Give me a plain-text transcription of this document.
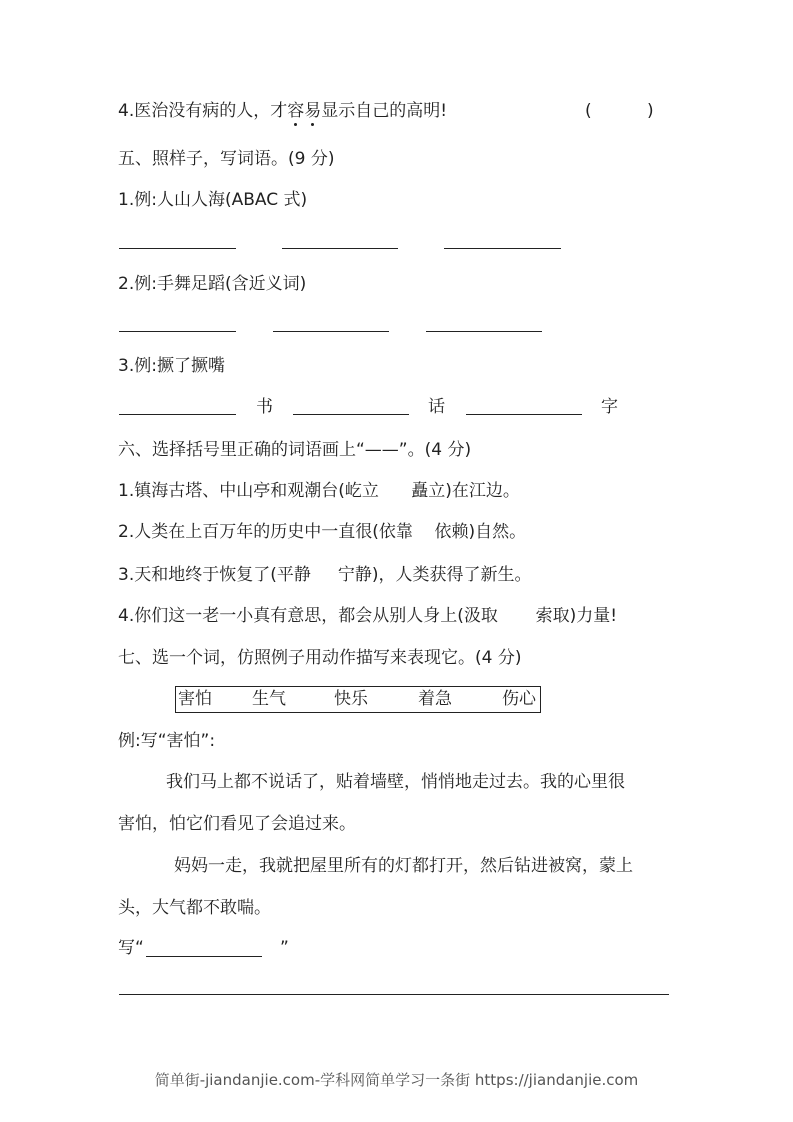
4.医治没有病的人，才容易显示自己的高明!	(	)
五、照样子，写词语。(9 分)
1.例:人山人海(ABAC 式)
2.例:手舞足蹈(含近义词)
3.例:撅了撅嘴
书	话	字
六、选择括号里正确的词语画上“——”。(4 分)
1.镇海古塔、中山亭和观潮台(屹立      矗立)在江边。
2.人类在上百万年的历史中一直很(依靠    依赖)自然。
3.天和地终于恢复了(平静     宁静)，人类获得了新生。
4.你们这一老一小真有意思，都会从别人身上(汲取       索取)力量!
七、选一个词，仿照例子用动作描写来表现它。(4 分)
害怕 生气	快乐	着急	伤心
例:写“害怕”:
我们马上都不说话了，贴着墙壁，悄悄地走过去。我的心里很
害怕，怕它们看见了会追过来。
妈妈一走，我就把屋里所有的灯都打开，然后钻进被窝，蒙上
头，大气都不敢喘。
写“	”
简单街-jiandanjie.com-学科网简单学习一条街 https://jiandanjie.com
